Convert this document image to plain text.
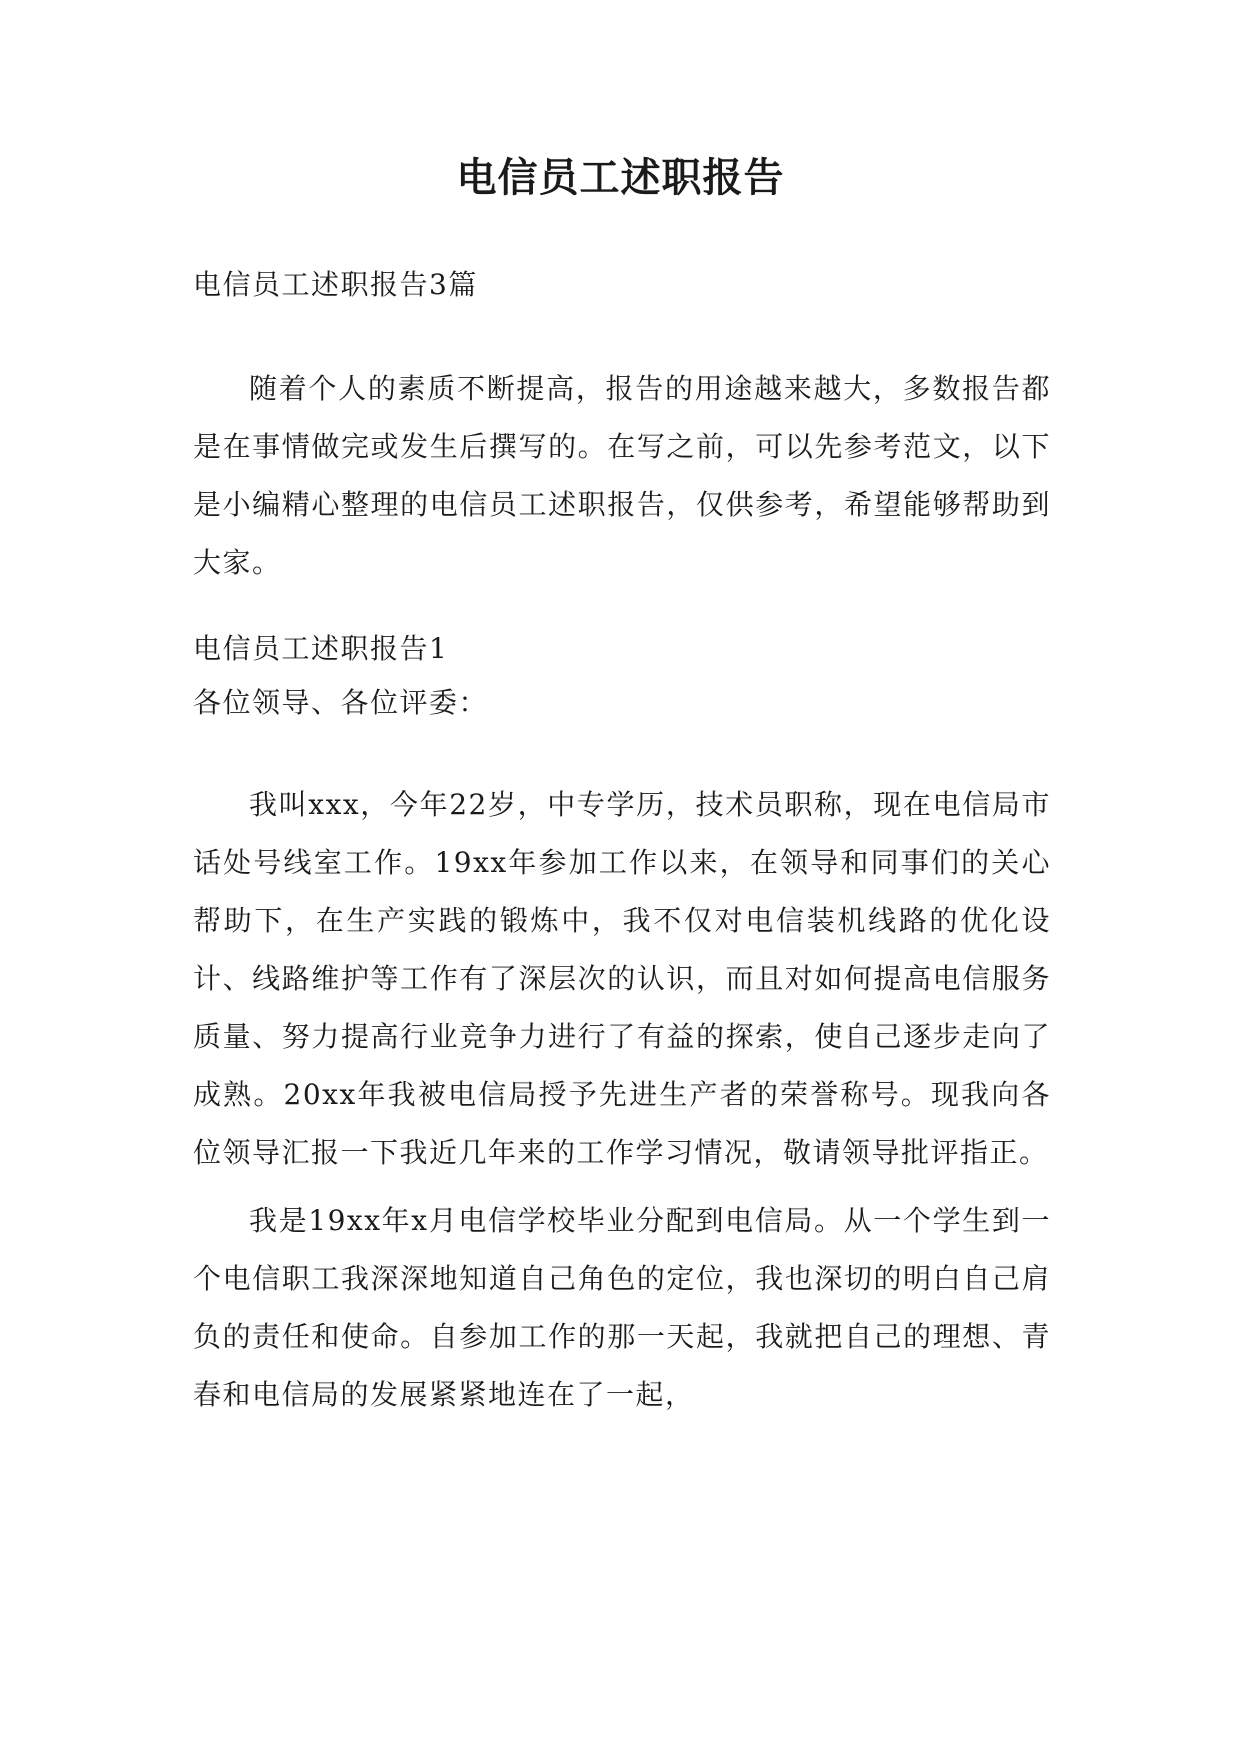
电信员工述职报告

电信员工述职报告3篇

随着个人的素质不断提高，报告的用途越来越大，多数报告都是在事情做完或发生后撰写的。在写之前，可以先参考范文，以下是小编精心整理的电信员工述职报告，仅供参考，希望能够帮助到大家。

电信员工述职报告1

各位领导、各位评委：

我叫xxx，今年22岁，中专学历，技术员职称，现在电信局市话处号线室工作。19xx年参加工作以来，在领导和同事们的关心帮助下，在生产实践的锻炼中，我不仅对电信装机线路的优化设计、线路维护等工作有了深层次的认识，而且对如何提高电信服务质量、努力提高行业竞争力进行了有益的探索，使自己逐步走向了成熟。20xx年我被电信局授予先进生产者的荣誉称号。现我向各位领导汇报一下我近几年来的工作学习情况，敬请领导批评指正。

我是19xx年x月电信学校毕业分配到电信局。从一个学生到一个电信职工我深深地知道自己角色的定位，我也深切的明白自己肩负的责任和使命。自参加工作的那一天起，我就把自己的理想、青春和电信局的发展紧紧地连在了一起，
